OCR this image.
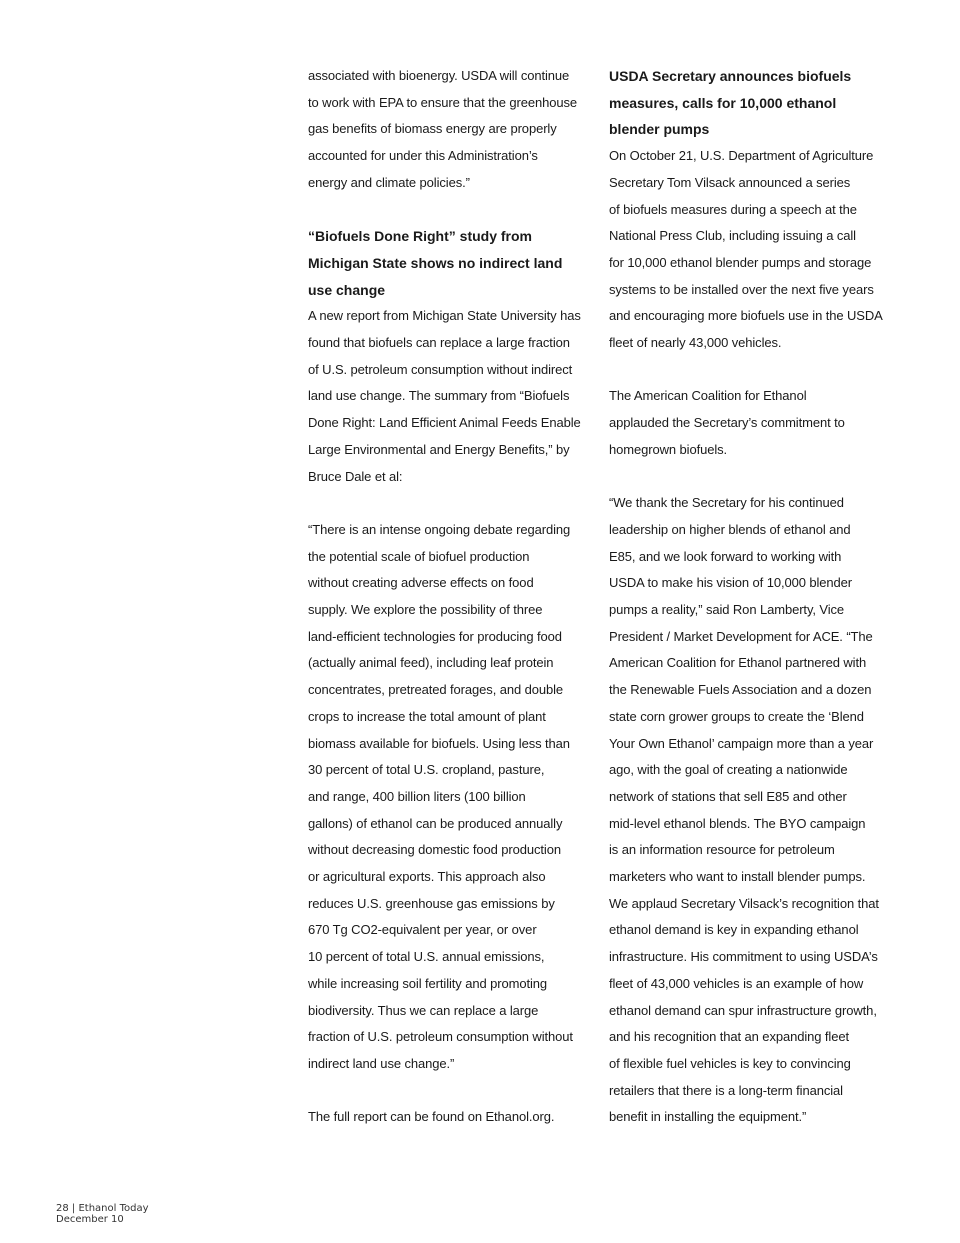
associated with bioenergy. USDA will continue
to work with EPA to ensure that the greenhouse
gas benefits of biomass energy are properly
accounted for under this Administration’s
energy and climate policies.”

“Biofuels Done Right” study from
Michigan State shows no indirect land
use change

A new report from Michigan State University has
found that biofuels can replace a large fraction
of U.S. petroleum consumption without indirect
land use change. The summary from “Biofuels
Done Right: Land Efficient Animal Feeds Enable
Large Environmental and Energy Benefits,” by
Bruce Dale et al:

“There is an intense ongoing debate regarding
the potential scale of biofuel production
without creating adverse effects on food
supply. We explore the possibility of three
land-efficient technologies for producing food
(actually animal feed), including leaf protein
concentrates, pretreated forages, and double
crops to increase the total amount of plant
biomass available for biofuels. Using less than
30 percent of total U.S. cropland, pasture,
and range, 400 billion liters (100 billion
gallons) of ethanol can be produced annually
without decreasing domestic food production
or agricultural exports. This approach also
reduces U.S. greenhouse gas emissions by
670 Tg CO2-equivalent per year, or over
10 percent of total U.S. annual emissions,
while increasing soil fertility and promoting
biodiversity. Thus we can replace a large
fraction of U.S. petroleum consumption without
indirect land use change.”

The full report can be found on Ethanol.org.

USDA Secretary announces biofuels
measures, calls for 10,000 ethanol
blender pumps

On October 21, U.S. Department of Agriculture
Secretary Tom Vilsack announced a series
of biofuels measures during a speech at the
National Press Club, including issuing a call
for 10,000 ethanol blender pumps and storage
systems to be installed over the next five years
and encouraging more biofuels use in the USDA
fleet of nearly 43,000 vehicles.

The American Coalition for Ethanol
applauded the Secretary’s commitment to
homegrown biofuels.

“We thank the Secretary for his continued
leadership on higher blends of ethanol and
E85, and we look forward to working with
USDA to make his vision of 10,000 blender
pumps a reality,” said Ron Lamberty, Vice
President / Market Development for ACE. “The
American Coalition for Ethanol partnered with
the Renewable Fuels Association and a dozen
state corn grower groups to create the ‘Blend
Your Own Ethanol’ campaign more than a year
ago, with the goal of creating a nationwide
network of stations that sell E85 and other
mid-level ethanol blends. The BYO campaign
is an information resource for petroleum
marketers who want to install blender pumps.
We applaud Secretary Vilsack’s recognition that
ethanol demand is key in expanding ethanol
infrastructure. His commitment to using USDA’s
fleet of 43,000 vehicles is an example of how
ethanol demand can spur infrastructure growth,
and his recognition that an expanding fleet
of flexible fuel vehicles is key to convincing
retailers that there is a long-term financial
benefit in installing the equipment.”

28 | Ethanol Today
December 10
